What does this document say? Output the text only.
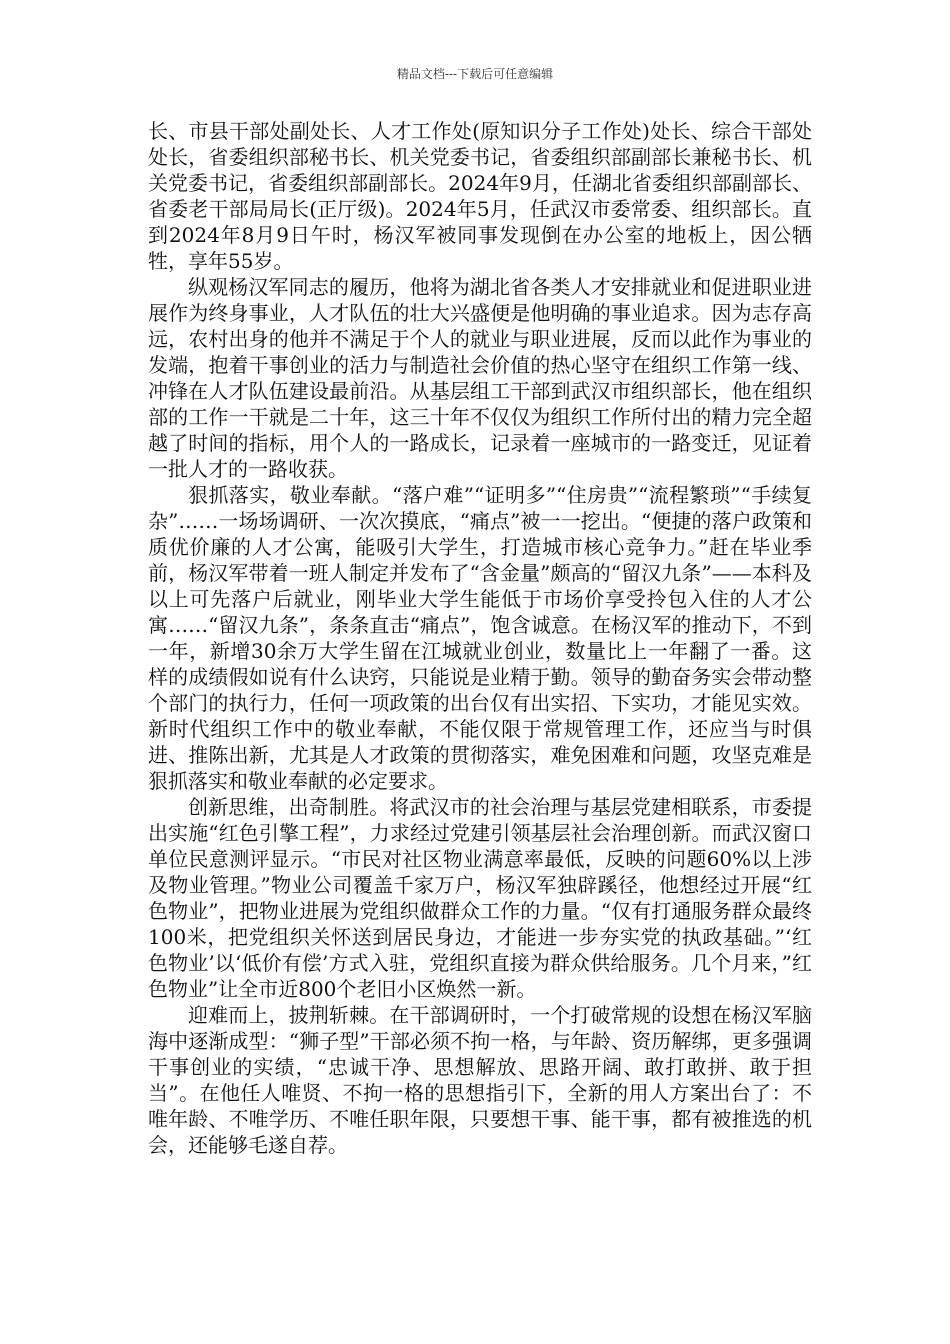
精品文档---下载后可任意编辑

长、市县干部处副处长、人才工作处(原知识分子工作处)处长、综合干部处处长，省委组织部秘书长、机关党委书记，省委组织部副部长兼秘书长、机关党委书记，省委组织部副部长。2024年9月，任湖北省委组织部副部长、省委老干部局局长(正厅级)。2024年5月，任武汉市委常委、组织部长。直到2024年8月9日午时，杨汉军被同事发现倒在办公室的地板上，因公牺牲，享年55岁。

纵观杨汉军同志的履历，他将为湖北省各类人才安排就业和促进职业进展作为终身事业，人才队伍的壮大兴盛便是他明确的事业追求。因为志存高远，农村出身的他并不满足于个人的就业与职业进展，反而以此作为事业的发端，抱着干事创业的活力与制造社会价值的热心坚守在组织工作第一线、冲锋在人才队伍建设最前沿。从基层组工干部到武汉市组织部长，他在组织部的工作一干就是二十年，这三十年不仅仅为组织工作所付出的精力完全超越了时间的指标，用个人的一路成长，记录着一座城市的一路变迁，见证着一批人才的一路收获。

狠抓落实，敬业奉献。“落户难”“证明多”“住房贵”“流程繁琐”“手续复杂”……一场场调研、一次次摸底，“痛点”被一一挖出。“便捷的落户政策和质优价廉的人才公寓，能吸引大学生，打造城市核心竞争力。”赶在毕业季前，杨汉军带着一班人制定并发布了“含金量”颇高的“留汉九条”——本科及以上可先落户后就业，刚毕业大学生能低于市场价享受拎包入住的人才公寓……“留汉九条”，条条直击“痛点”，饱含诚意。在杨汉军的推动下，不到一年，新增30余万大学生留在江城就业创业，数量比上一年翻了一番。这样的成绩假如说有什么诀窍，只能说是业精于勤。领导的勤奋务实会带动整个部门的执行力，任何一项政策的出台仅有出实招、下实功，才能见实效。新时代组织工作中的敬业奉献，不能仅限于常规管理工作，还应当与时俱进、推陈出新，尤其是人才政策的贯彻落实，难免困难和问题，攻坚克难是狠抓落实和敬业奉献的必定要求。

创新思维，出奇制胜。将武汉市的社会治理与基层党建相联系，市委提出实施“红色引擎工程”，力求经过党建引领基层社会治理创新。而武汉窗口单位民意测评显示。“市民对社区物业满意率最低，反映的问题60%以上涉及物业管理。”物业公司覆盖千家万户，杨汉军独辟蹊径，他想经过开展“红色物业”，把物业进展为党组织做群众工作的力量。“仅有打通服务群众最终100米，把党组织关怀送到居民身边，才能进一步夯实党的执政基础。”‘红色物业’以‘低价有偿’方式入驻，党组织直接为群众供给服务。几个月来，”红色物业”让全市近800个老旧小区焕然一新。

迎难而上，披荆斩棘。在干部调研时，一个打破常规的设想在杨汉军脑海中逐渐成型：“狮子型”干部必须不拘一格，与年龄、资历解绑，更多强调干事创业的实绩，“忠诚干净、思想解放、思路开阔、敢打敢拼、敢于担当”。在他任人唯贤、不拘一格的思想指引下，全新的用人方案出台了：不唯年龄、不唯学历、不唯任职年限，只要想干事、能干事，都有被推选的机会，还能够毛遂自荐。
